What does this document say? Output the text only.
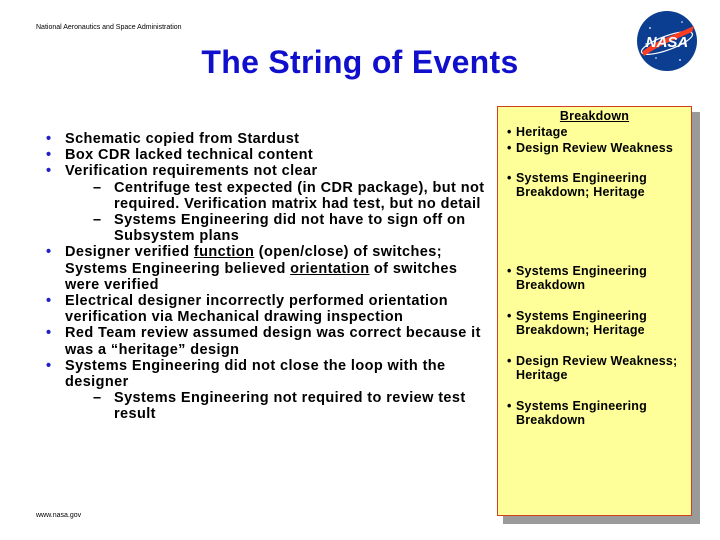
National Aeronautics and Space Administration
NASA
The String of Events
• Schematic copied from Stardust
• Box CDR lacked technical content
• Verification requirements not clear
– Centrifuge test expected (in CDR package), but not required. Verification matrix had test, but no detail
– Systems Engineering did not have to sign off on Subsystem plans
• Designer verified function (open/close) of switches; Systems Engineering believed orientation of switches were verified
• Electrical designer incorrectly performed orientation verification via Mechanical drawing inspection
• Red Team review assumed design was correct because it was a “heritage” design
• Systems Engineering did not close the loop with the designer
– Systems Engineering not required to review test result
Breakdown
• Heritage
• Design Review Weakness
• Systems Engineering Breakdown; Heritage
• Systems Engineering Breakdown
• Systems Engineering Breakdown; Heritage
• Design Review Weakness; Heritage
• Systems Engineering Breakdown
www.nasa.gov
